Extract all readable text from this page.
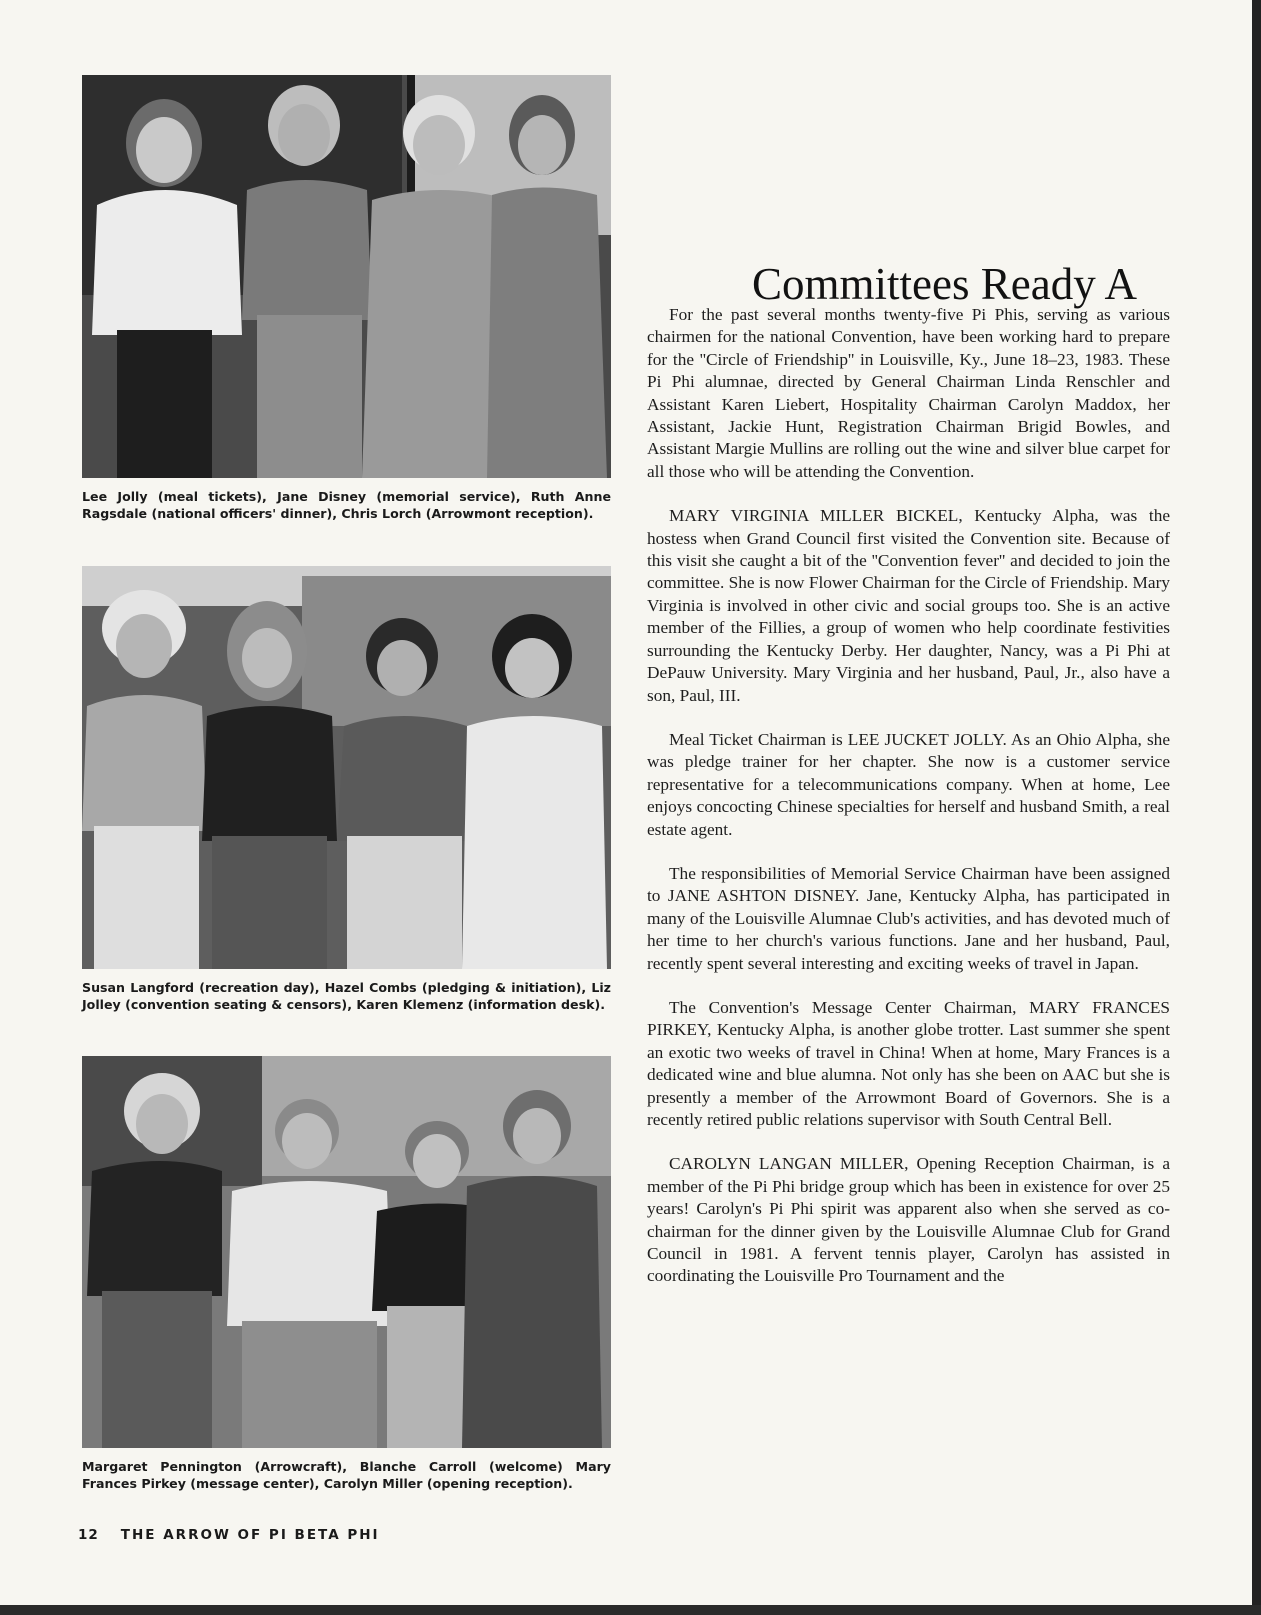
Lee Jolly (meal tickets), Jane Disney (memorial service), Ruth Anne Ragsdale (national officers' dinner), Chris Lorch (Arrowmont reception).
Susan Langford (recreation day), Hazel Combs (pledging & initiation), Liz Jolley (convention seating & censors), Karen Klemenz (information desk).
Margaret Pennington (Arrowcraft), Blanche Carroll (welcome) Mary Frances Pirkey (message center), Carolyn Miller (opening reception).
12 THE ARROW OF PI BETA PHI
Committees Ready A

For the past several months twenty-five Pi Phis, serving as various chairmen for the national Convention, have been working hard to prepare for the ''Circle of Friendship'' in Louisville, Ky., June 18–23, 1983. These Pi Phi alumnae, directed by General Chairman Linda Renschler and Assistant Karen Liebert, Hospitality Chairman Carolyn Maddox, her Assistant, Jackie Hunt, Registration Chairman Brigid Bowles, and Assistant Margie Mullins are rolling out the wine and silver blue carpet for all those who will be attending the Convention.

MARY VIRGINIA MILLER BICKEL, Kentucky Alpha, was the hostess when Grand Council first visited the Convention site. Because of this visit she caught a bit of the ''Convention fever'' and decided to join the committee. She is now Flower Chairman for the Circle of Friendship. Mary Virginia is involved in other civic and social groups too. She is an active member of the Fillies, a group of women who help coordinate festivities surrounding the Kentucky Derby. Her daughter, Nancy, was a Pi Phi at DePauw University. Mary Virginia and her husband, Paul, Jr., also have a son, Paul, III.

Meal Ticket Chairman is LEE JUCKET JOLLY. As an Ohio Alpha, she was pledge trainer for her chapter. She now is a customer service representative for a telecommunications company. When at home, Lee enjoys concocting Chinese specialties for herself and husband Smith, a real estate agent.

The responsibilities of Memorial Service Chairman have been assigned to JANE ASHTON DISNEY. Jane, Kentucky Alpha, has participated in many of the Louisville Alumnae Club's activities, and has devoted much of her time to her church's various functions. Jane and her husband, Paul, recently spent several interesting and exciting weeks of travel in Japan.

The Convention's Message Center Chairman, MARY FRANCES PIRKEY, Kentucky Alpha, is another globe trotter. Last summer she spent an exotic two weeks of travel in China! When at home, Mary Frances is a dedicated wine and blue alumna. Not only has she been on AAC but she is presently a member of the Arrowmont Board of Governors. She is a recently retired public relations supervisor with South Central Bell.

CAROLYN LANGAN MILLER, Opening Reception Chairman, is a member of the Pi Phi bridge group which has been in existence for over 25 years! Carolyn's Pi Phi spirit was apparent also when she served as co-chairman for the dinner given by the Louisville Alumnae Club for Grand Council in 1981. A fervent tennis player, Carolyn has assisted in coordinating the Louisville Pro Tournament and the
